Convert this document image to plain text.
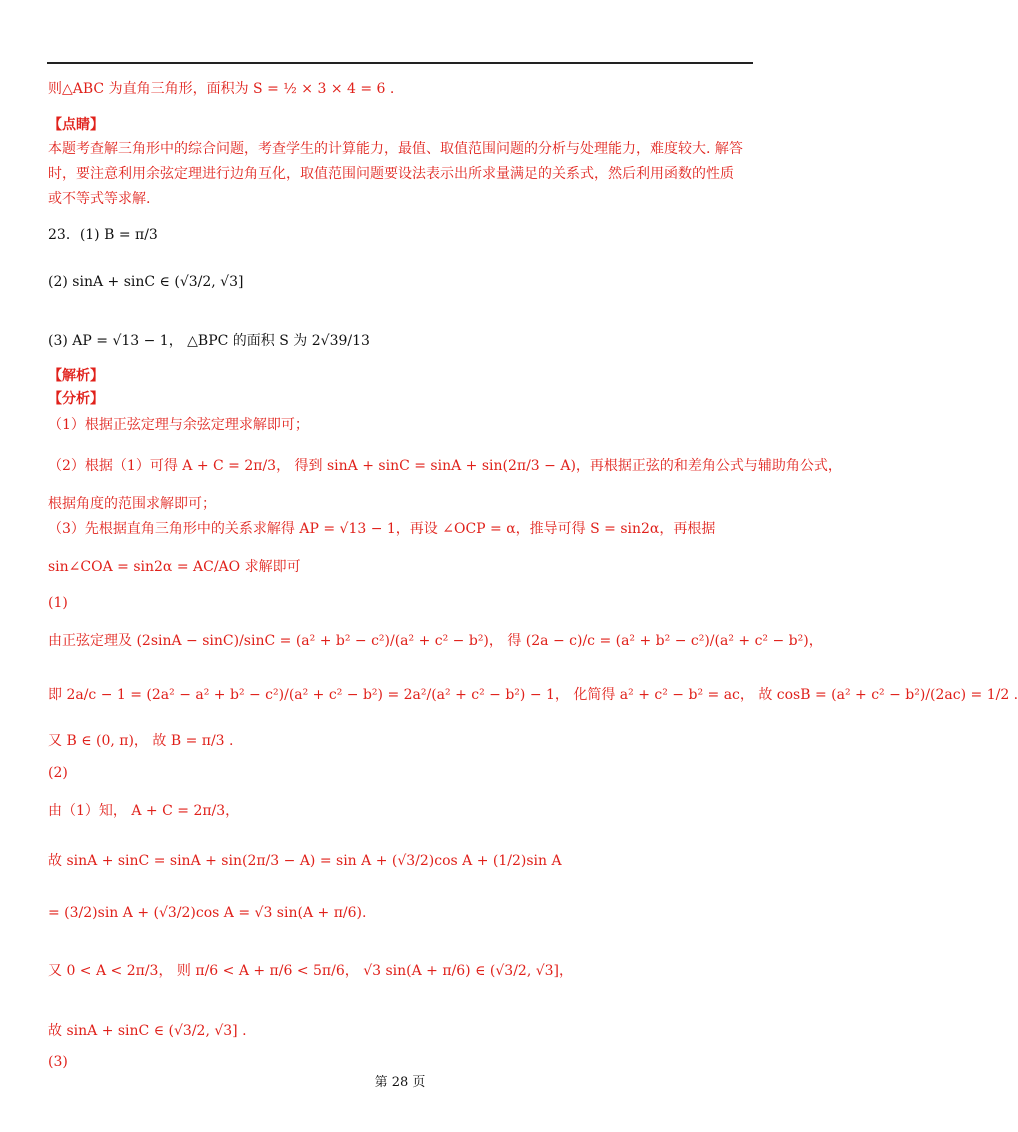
则△ABC 为直角三角形，面积为 S = ½ × 3 × 4 = 6 .
【点睛】
本题考查解三角形中的综合问题，考查学生的计算能力，最值、取值范围问题的分析与处理能力，难度较大. 解答
时，要注意利用余弦定理进行边角互化，取值范围问题要设法表示出所求量满足的关系式，然后利用函数的性质
或不等式等求解.
23．(1) B = π/3
(2) sinA + sinC ∈ (√3/2, √3]
(3) AP = √13 − 1， △BPC 的面积 S 为 2√39/13
【解析】
【分析】
（1）根据正弦定理与余弦定理求解即可；
（2）根据（1）可得 A + C = 2π/3， 得到 sinA + sinC = sinA + sin(2π/3 − A)，再根据正弦的和差角公式与辅助角公式，
根据角度的范围求解即可；
（3）先根据直角三角形中的关系求解得 AP = √13 − 1，再设 ∠OCP = α，推导可得 S = sin2α，再根据
sin∠COA = sin2α = AC/AO 求解即可
(1)
由正弦定理及 (2sinA − sinC)/sinC = (a² + b² − c²)/(a² + c² − b²)， 得 (2a − c)/c = (a² + b² − c²)/(a² + c² − b²)，
即 2a/c − 1 = (2a² − a² + b² − c²)/(a² + c² − b²) = 2a²/(a² + c² − b²) − 1， 化简得 a² + c² − b² = ac， 故 cosB = (a² + c² − b²)/(2ac) = 1/2 .
又 B ∈ (0, π)， 故 B = π/3 .
(2)
由（1）知， A + C = 2π/3，
故 sinA + sinC = sinA + sin(2π/3 − A) = sin A + (√3/2)cos A + (1/2)sin A
= (3/2)sin A + (√3/2)cos A = √3 sin(A + π/6).
又 0 < A < 2π/3， 则 π/6 < A + π/6 < 5π/6， √3 sin(A + π/6) ∈ (√3/2, √3]，
故 sinA + sinC ∈ (√3/2, √3] .
(3)
第 28 页
